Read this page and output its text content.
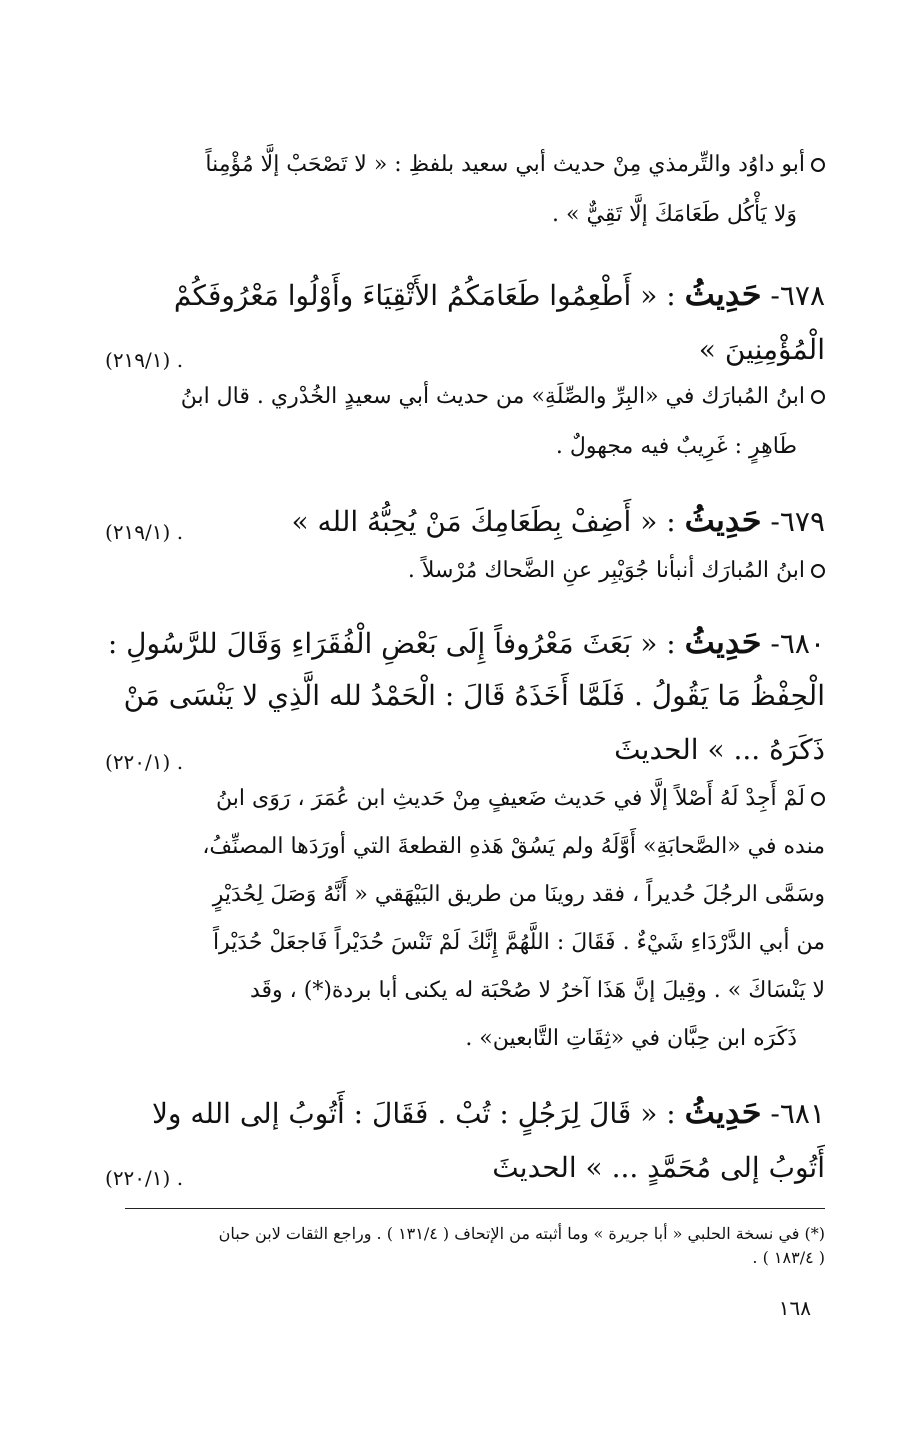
أبو داوُد والتِّرمذي مِنْ حديث أبي سعيد بلفظِ : « لا تَصْحَبْ إلَّا مُؤْمِناً
وَلا يَأْكُل طَعَامَكَ إلَّا تَقِيٌّ » .
٦٧٨- حَدِيثُ : « أَطْعِمُوا طَعَامَكُمُ الأَتْقِيَاءَ وأَوْلُوا مَعْرُوفَكُمْ
الْمُؤْمِنِينَ »
(٢١٩/١) .
ابنُ المُبارَك في «البِرِّ والصِّلَةِ» من حديث أبي سعيدٍ الخُدْري . قال ابنُ
طَاهِرٍ : غَرِيبٌ فيه مجهولٌ .
٦٧٩- حَدِيثُ : « أَضِفْ بِطَعَامِكَ مَنْ يُحِبُّهُ الله »
(٢١٩/١) .
ابنُ المُبارَك أنبأنا جُوَيْبِر عنِ الضَّحاك مُرْسلاً .
٦٨٠- حَدِيثُ : « بَعَثَ مَعْرُوفاً إِلَى بَعْضِ الْفُقَرَاءِ وَقَالَ للرَّسُولِ :
الْحِفْظُ مَا يَقُولُ . فَلَمَّا أَخَذَهُ قَالَ : الْحَمْدُ لله الَّذِي لا يَنْسَى مَنْ
ذَكَرَهُ ... » الحديثَ
(٢٢٠/١) .
لَمْ أَجِدْ لَهُ أَصْلاً إلَّا في حَديث ضَعيفٍ مِنْ حَديثِ ابن عُمَرَ ، رَوَى ابنُ
منده في «الصَّحابَةِ» أَوَّلَهُ ولم يَسُقْ هَذهِ القطعةَ التي أورَدَها المصنِّفُ،
وسَمَّى الرجُلَ حُديراً ، فقد روينَا من طريق البَيْهَقي « أَنَّهُ وَصَلَ لِحُدَيْرٍ
من أبي الدَّرْدَاءِ شَيْءٌ . فَقَالَ : اللَّهُمَّ إِنَّكَ لَمْ تَنْسَ حُدَيْراً فَاجعَلْ حُدَيْراً
لا يَنْسَاكَ » . وقِيلَ إنَّ هَذَا آخرُ لا صُحْبَة له يكنى أبا بردة(*) ، وقَد
ذَكَرَه ابن حِبَّان في «ثِقَاتِ التَّابعين» .
٦٨١- حَدِيثُ : « قَالَ لِرَجُلٍ : تُبْ . فَقَالَ : أَتُوبُ إلى الله ولا
أَتُوبُ إلى مُحَمَّدٍ ... » الحديثَ
(٢٢٠/١) .
(*) في نسخة الحلبي « أبا جريرة » وما أثبته من الإتحاف ( ١٣١/٤ ) . وراجع الثقات لابن حبان
( ١٨٣/٤ ) .
١٦٨
